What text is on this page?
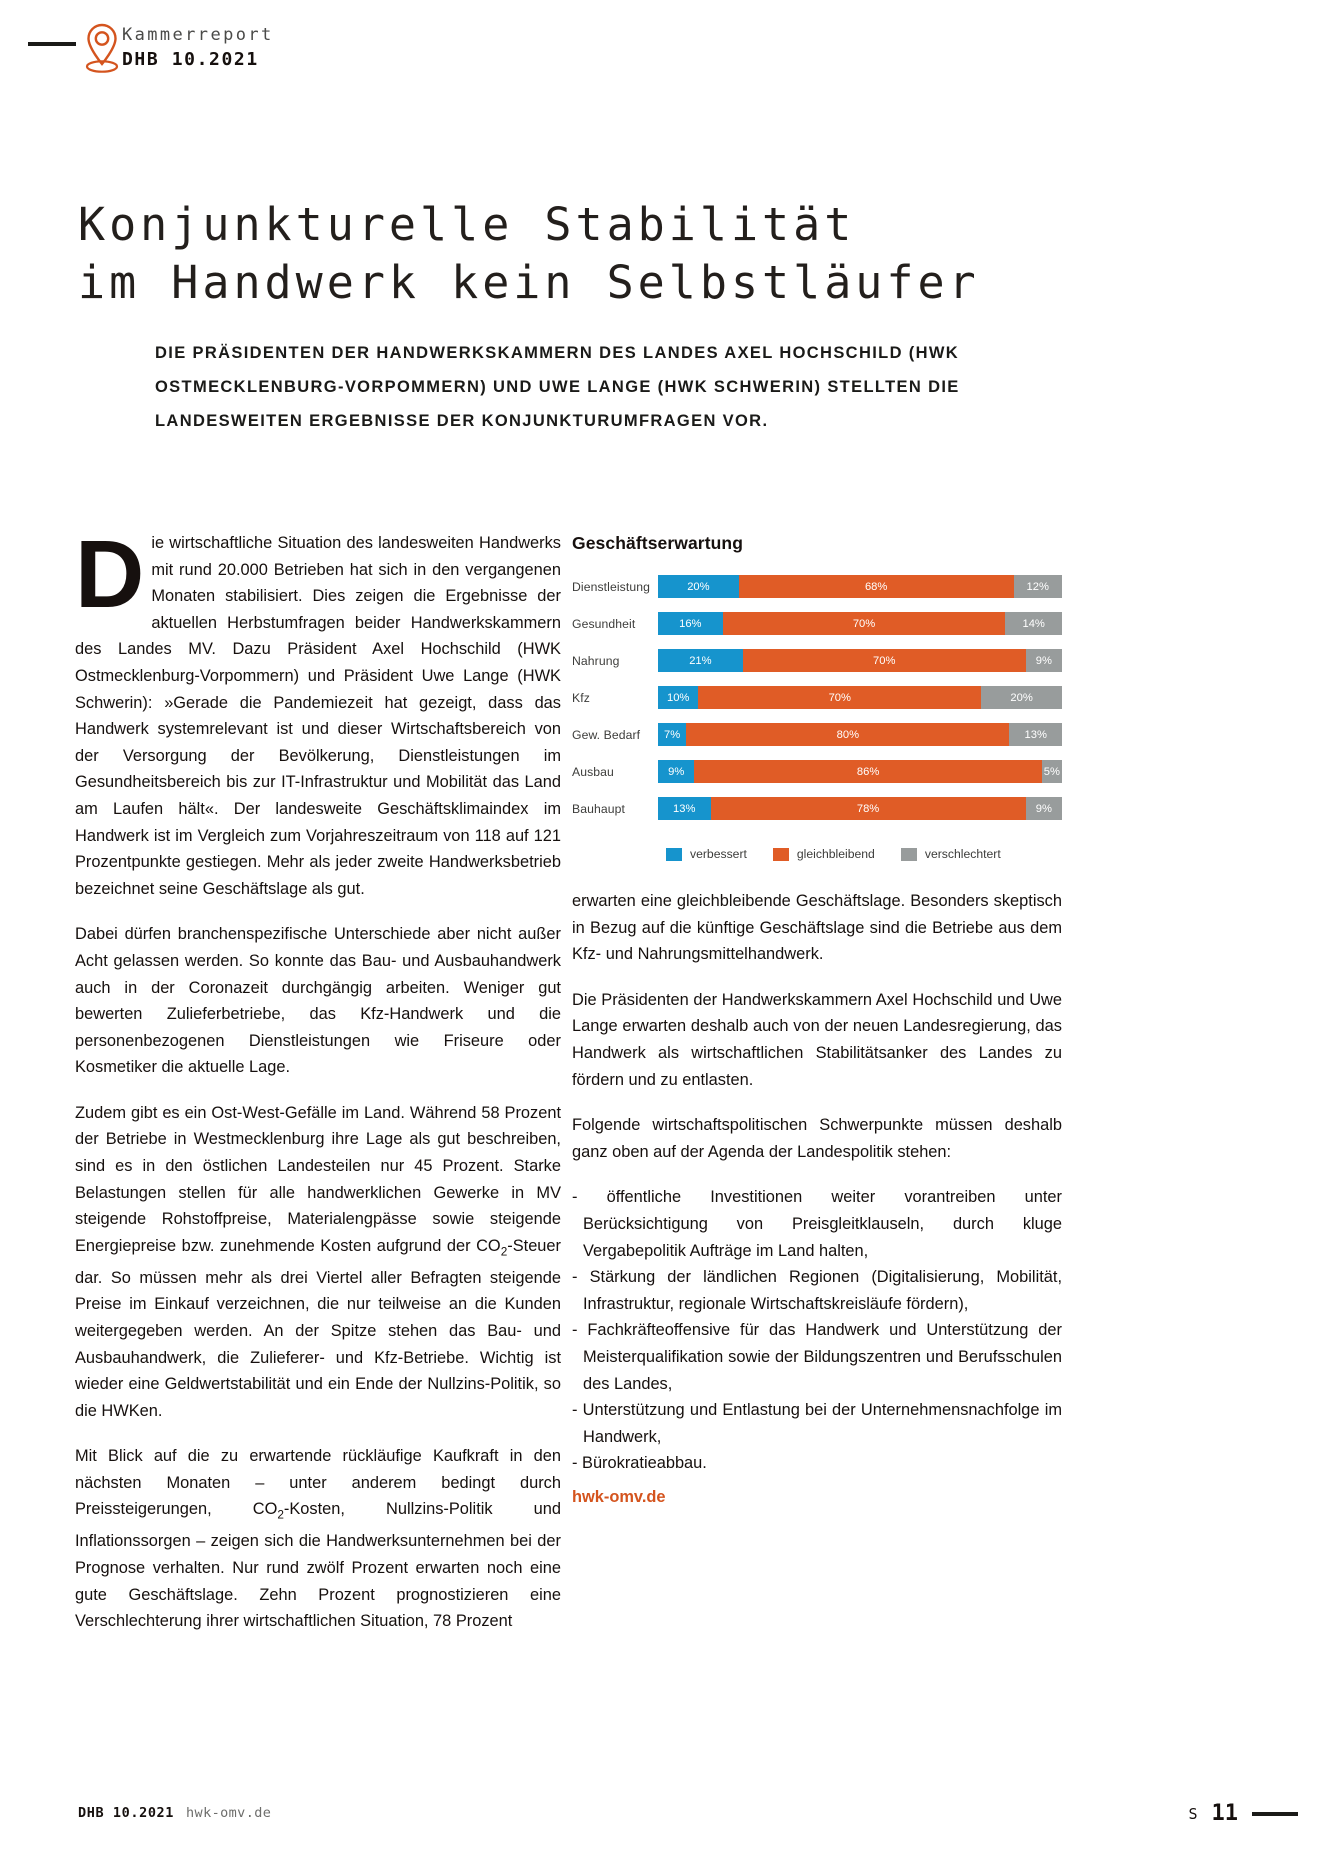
Kammerreport
DHB 10.2021
Konjunkturelle Stabilität
im Handwerk kein Selbstläufer
DIE PRÄSIDENTEN DER HANDWERKSKAMMERN DES LANDES AXEL HOCHSCHILD (HWK OSTMECKLENBURG-VORPOMMERN) UND UWE LANGE (HWK SCHWERIN) STELLTEN DIE LANDESWEITEN ERGEBNISSE DER KONJUNKTURUMFRAGEN VOR.

Die wirtschaftliche Situation des landesweiten Handwerks mit rund 20.000 Betrieben hat sich in den vergangenen Monaten stabilisiert. Dies zeigen die Ergebnisse der aktuellen Herbstumfragen beider Handwerkskammern des Landes MV. Dazu Präsident Axel Hochschild (HWK Ostmecklenburg-Vorpommern) und Präsident Uwe Lange (HWK Schwerin): »Gerade die Pandemiezeit hat gezeigt, dass das Handwerk systemrelevant ist und dieser Wirtschaftsbereich von der Versorgung der Bevölkerung, Dienstleistungen im Gesundheitsbereich bis zur IT-Infrastruktur und Mobilität das Land am Laufen hält«. Der landesweite Geschäftsklimaindex im Handwerk ist im Vergleich zum Vorjahreszeitraum von 118 auf 121 Prozentpunkte gestiegen. Mehr als jeder zweite Handwerksbetrieb bezeichnet seine Geschäftslage als gut.

Dabei dürfen branchenspezifische Unterschiede aber nicht außer Acht gelassen werden. So konnte das Bau- und Ausbauhandwerk auch in der Coronazeit durchgängig arbeiten. Weniger gut bewerten Zulieferbetriebe, das Kfz-Handwerk und die personenbezogenen Dienstleistungen wie Friseure oder Kosmetiker die aktuelle Lage.

Zudem gibt es ein Ost-West-Gefälle im Land. Während 58 Prozent der Betriebe in Westmecklenburg ihre Lage als gut beschreiben, sind es in den östlichen Landesteilen nur 45 Prozent. Starke Belastungen stellen für alle handwerklichen Gewerke in MV steigende Rohstoffpreise, Materialengpässe sowie steigende Energiepreise bzw. zunehmende Kosten aufgrund der $CO_2$-Steuer dar. So müssen mehr als drei Viertel aller Befragten steigende Preise im Einkauf verzeichnen, die nur teilweise an die Kunden weitergegeben werden. An der Spitze stehen das Bau- und Ausbauhandwerk, die Zulieferer- und Kfz-Betriebe. Wichtig ist wieder eine Geldwertstabilität und ein Ende der Nullzins-Politik, so die HWKen.

Mit Blick auf die zu erwartende rückläufige Kaufkraft in den nächsten Monaten – unter anderem bedingt durch Preissteigerungen, $CO_2$-Kosten, Nullzins-Politik und Inflationssorgen – zeigen sich die Handwerksunternehmen bei der Prognose verhalten. Nur rund zwölf Prozent erwarten noch eine gute Geschäftslage. Zehn Prozent prognostizieren eine Verschlechterung ihrer wirtschaftlichen Situation, 78 Prozent

Geschäftserwartung
Dienstleistung	20%	68%	12%
Gesundheit	16%	70%	14%
Nahrung	21%	70%	9%
Kfz	10%	70%	20%
Gew. Bedarf	7%	80%	13%
Ausbau	9%	86%	5%
Bauhaupt	13%	78%	9%
verbessert	gleichbleibend	verschlechtert

erwarten eine gleichbleibende Geschäftslage. Besonders skeptisch in Bezug auf die künftige Geschäftslage sind die Betriebe aus dem Kfz- und Nahrungsmittelhandwerk.

Die Präsidenten der Handwerkskammern Axel Hochschild und Uwe Lange erwarten deshalb auch von der neuen Landesregierung, das Handwerk als wirtschaftlichen Stabilitätsanker des Landes zu fördern und zu entlasten.

Folgende wirtschaftspolitischen Schwerpunkte müssen deshalb ganz oben auf der Agenda der Landespolitik stehen:

- öffentliche Investitionen weiter vorantreiben unter Berücksichtigung von Preisgleitklauseln, durch kluge Vergabepolitik Aufträge im Land halten,
- Stärkung der ländlichen Regionen (Digitalisierung, Mobilität, Infrastruktur, regionale Wirtschaftskreisläufe fördern),
- Fachkräfteoffensive für das Handwerk und Unterstützung der Meisterqualifikation sowie der Bildungszentren und Berufsschulen des Landes,
- Unterstützung und Entlastung bei der Unternehmensnachfolge im Handwerk,
- Bürokratieabbau.
hwk-omv.de
DHB 10.2021 hwk-omv.de	S 11
